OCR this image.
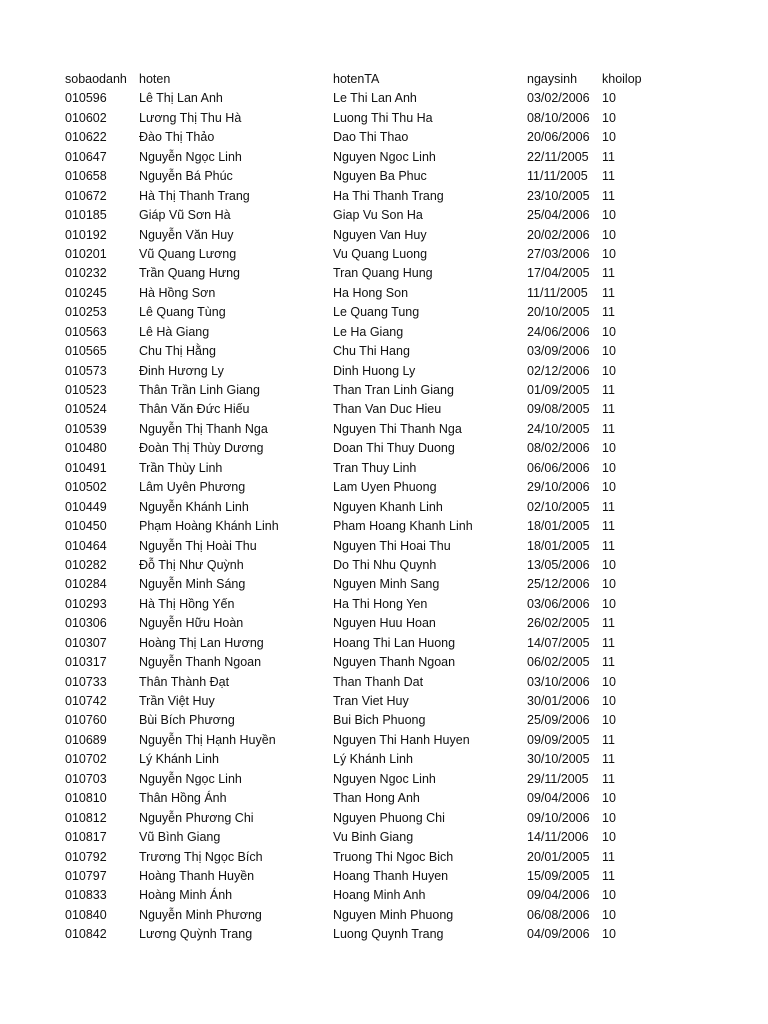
sobaodanh hoten	hotenTA	ngaysinh khoilop
010596	Lê Thị Lan Anh	Le Thi Lan Anh	03/02/2006 10
010602	Lương Thị Thu Hà	Luong Thi Thu Ha	08/10/2006 10
010622	Đào Thị Thảo	Dao Thi Thao	20/06/2006 10
010647	Nguyễn Ngọc Linh	Nguyen Ngoc Linh	22/11/2005 11
010658	Nguyễn Bá Phúc	Nguyen Ba Phuc	11/11/2005 11
010672	Hà Thị Thanh Trang	Ha Thi Thanh Trang	23/10/2005 11
010185	Giáp Vũ Sơn Hà	Giap Vu Son Ha	25/04/2006 10
010192	Nguyễn Văn Huy	Nguyen Van Huy	20/02/2006 10
010201	Vũ Quang Lương	Vu Quang Luong	27/03/2006 10
010232	Trần Quang Hưng	Tran Quang Hung	17/04/2005 11
010245	Hà Hồng Sơn	Ha Hong Son	11/11/2005 11
010253	Lê Quang Tùng	Le Quang Tung	20/10/2005 11
010563	Lê Hà Giang	Le Ha Giang	24/06/2006 10
010565	Chu Thị Hằng	Chu Thi Hang	03/09/2006 10
010573	Đinh Hương Ly	Dinh Huong Ly	02/12/2006 10
010523	Thân Trần Linh Giang	Than Tran Linh Giang	01/09/2005 11
010524	Thân Văn Đức Hiếu	Than Van Duc Hieu	09/08/2005 11
010539	Nguyễn Thị Thanh Nga	Nguyen Thi Thanh Nga	24/10/2005 11
010480	Đoàn Thị Thùy Dương	Doan Thi Thuy Duong	08/02/2006 10
010491	Trần Thùy Linh	Tran Thuy Linh	06/06/2006 10
010502	Lâm Uyên Phương	Lam Uyen Phuong	29/10/2006 10
010449	Nguyễn Khánh Linh	Nguyen Khanh Linh	02/10/2005 11
010450	Phạm Hoàng Khánh Linh	Pham Hoang Khanh Linh	18/01/2005 11
010464	Nguyễn Thị Hoài Thu	Nguyen Thi Hoai Thu	18/01/2005 11
010282	Đỗ Thị Như Quỳnh	Do Thi Nhu Quynh	13/05/2006 10
010284	Nguyễn Minh Sáng	Nguyen Minh Sang	25/12/2006 10
010293	Hà Thị Hồng Yến	Ha Thi Hong Yen	03/06/2006 10
010306	Nguyễn Hữu Hoàn	Nguyen Huu Hoan	26/02/2005 11
010307	Hoàng Thị Lan Hương	Hoang Thi Lan Huong	14/07/2005 11
010317	Nguyễn Thanh Ngoan	Nguyen Thanh Ngoan	06/02/2005 11
010733	Thân Thành Đạt	Than Thanh Dat	03/10/2006 10
010742	Trần Việt Huy	Tran Viet Huy	30/01/2006 10
010760	Bùi Bích Phương	Bui Bich Phuong	25/09/2006 10
010689	Nguyễn Thị Hạnh Huyền	Nguyen Thi Hanh Huyen	09/09/2005 11
010702	Lý Khánh Linh	Lý Khánh Linh	30/10/2005 11
010703	Nguyễn Ngọc Linh	Nguyen Ngoc Linh	29/11/2005 11
010810	Thân Hồng Ánh	Than Hong Anh	09/04/2006 10
010812	Nguyễn Phương Chi	Nguyen Phuong Chi	09/10/2006 10
010817	Vũ Bình Giang	Vu Binh Giang	14/11/2006 10
010792	Trương Thị Ngọc Bích	Truong Thi Ngoc Bich	20/01/2005 11
010797	Hoàng Thanh Huyền	Hoang Thanh Huyen	15/09/2005 11
010833	Hoàng Minh Ánh	Hoang Minh Anh	09/04/2006 10
010840	Nguyễn Minh Phương	Nguyen Minh Phuong	06/08/2006 10
010842	Lương Quỳnh Trang	Luong Quynh Trang	04/09/2006 10
